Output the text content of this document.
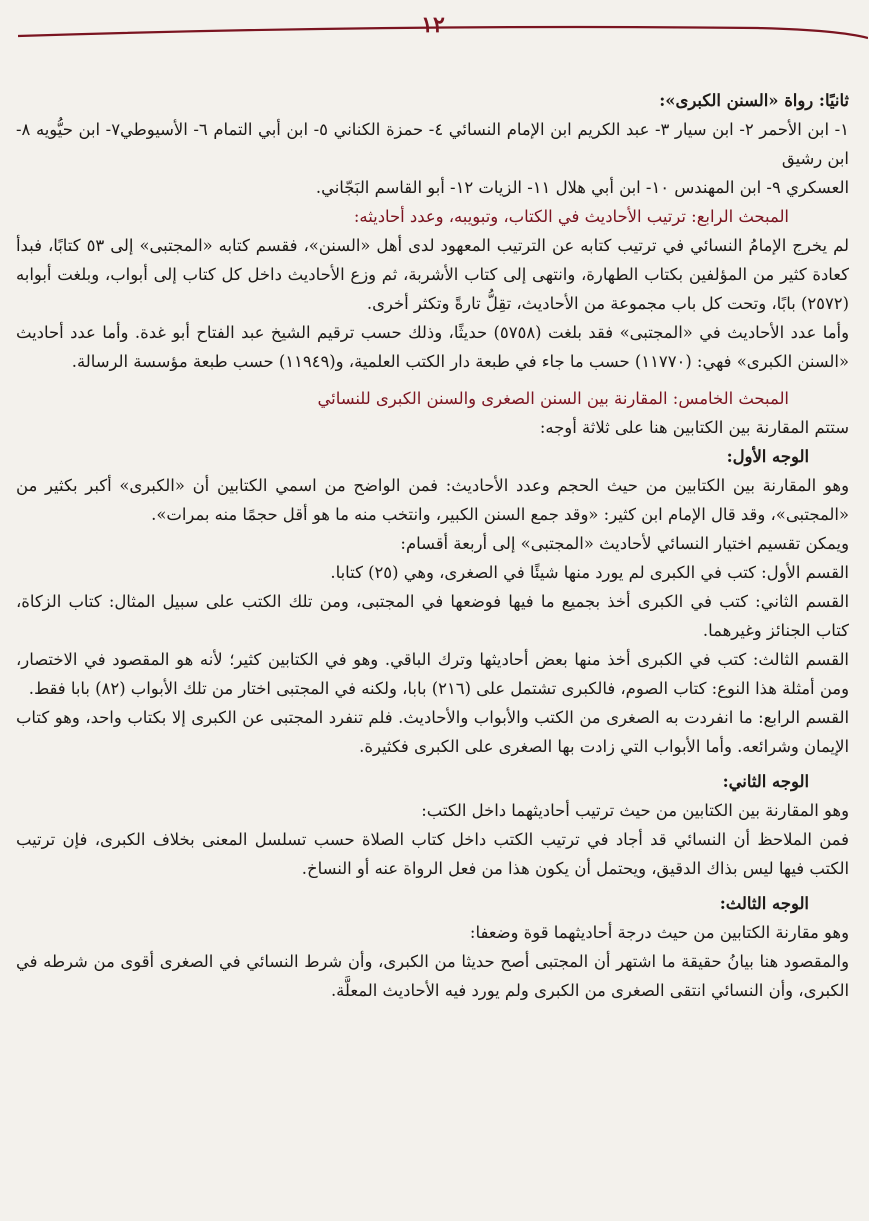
١٢

ثانيًا: رواة «السنن الكبرى»:

١- ابن الأحمر ٢- ابن سيار ٣- عبد الكريم ابن الإمام النسائي ٤- حمزة الكناني ٥- ابن أبي التمام ٦- الأسيوطي٧- ابن حيُّويه ٨- ابن رشيق

العسكري ٩- ابن المهندس ١٠- ابن أبي هلال ١١- الزيات ١٢- أبو القاسم البَجّاني.

المبحث الرابع: ترتيب الأحاديث في الكتاب، وتبويبه، وعدد أحاديثه:

لم يخرج الإمامُ النسائي في ترتيب كتابه عن الترتيب المعهود لدى أهل «السنن»، فقسم كتابه «المجتبى» إلى ٥٣ كتابًا، فبدأ كعادة كثير من المؤلفين بكتاب الطهارة، وانتهى إلى كتاب الأشربة، ثم وزع الأحاديث داخل كل كتاب إلى أبواب، وبلغت أبوابه (٢٥٧٢) بابًا، وتحت كل باب مجموعة من الأحاديث، تقِلُّ تارةً وتكثر أخرى.

وأما عدد الأحاديث في «المجتبى» فقد بلغت (٥٧٥٨) حديثًا، وذلك حسب ترقيم الشيخ عبد الفتاح أبو غدة. وأما عدد أحاديث «السنن الكبرى» فهي: (١١٧٧٠) حسب ما جاء في طبعة دار الكتب العلمية، و(١١٩٤٩) حسب طبعة مؤسسة الرسالة.

المبحث الخامس: المقارنة بين السنن الصغرى والسنن الكبرى للنسائي

ستتم المقارنة بين الكتابين هنا على ثلاثة أوجه:

الوجه الأول:

وهو المقارنة بين الكتابين من حيث الحجم وعدد الأحاديث: فمن الواضح من اسمي الكتابين أن «الكبرى» أكبر بكثير من «المجتبى»، وقد قال الإمام ابن كثير: «وقد جمع السنن الكبير، وانتخب منه ما هو أقل حجمًا منه بمرات».

ويمكن تقسيم اختيار النسائي لأحاديث «المجتبى» إلى أربعة أقسام:

القسم الأول: كتب في الكبرى لم يورد منها شيئًا في الصغرى، وهي (٢٥) كتابا.

القسم الثاني: كتب في الكبرى أخذ بجميع ما فيها فوضعها في المجتبى، ومن تلك الكتب على سبيل المثال: كتاب الزكاة، كتاب الجنائز وغيرهما.

القسم الثالث: كتب في الكبرى أخذ منها بعض أحاديثها وترك الباقي. وهو في الكتابين كثير؛ لأنه هو المقصود في الاختصار، ومن أمثلة هذا النوع: كتاب الصوم، فالكبرى تشتمل على (٢١٦) بابا، ولكنه في المجتبى اختار من تلك الأبواب (٨٢) بابا فقط.

القسم الرابع: ما انفردت به الصغرى من الكتب والأبواب والأحاديث. فلم تنفرد المجتبى عن الكبرى إلا بكتاب واحد، وهو كتاب الإيمان وشرائعه. وأما الأبواب التي زادت بها الصغرى على الكبرى فكثيرة.

الوجه الثاني:

وهو المقارنة بين الكتابين من حيث ترتيب أحاديثهما داخل الكتب:

فمن الملاحظ أن النسائي قد أجاد في ترتيب الكتب داخل كتاب الصلاة حسب تسلسل المعنى بخلاف الكبرى، فإن ترتيب الكتب فيها ليس بذاك الدقيق، ويحتمل أن يكون هذا من فعل الرواة عنه أو النساخ.

الوجه الثالث:

وهو مقارنة الكتابين من حيث درجة أحاديثهما قوة وضعفا:

والمقصود هنا بيانُ حقيقة ما اشتهر أن المجتبى أصح حديثا من الكبرى، وأن شرط النسائي في الصغرى أقوى من شرطه في الكبرى، وأن النسائي انتقى الصغرى من الكبرى ولم يورد فيه الأحاديث المعلَّة.
